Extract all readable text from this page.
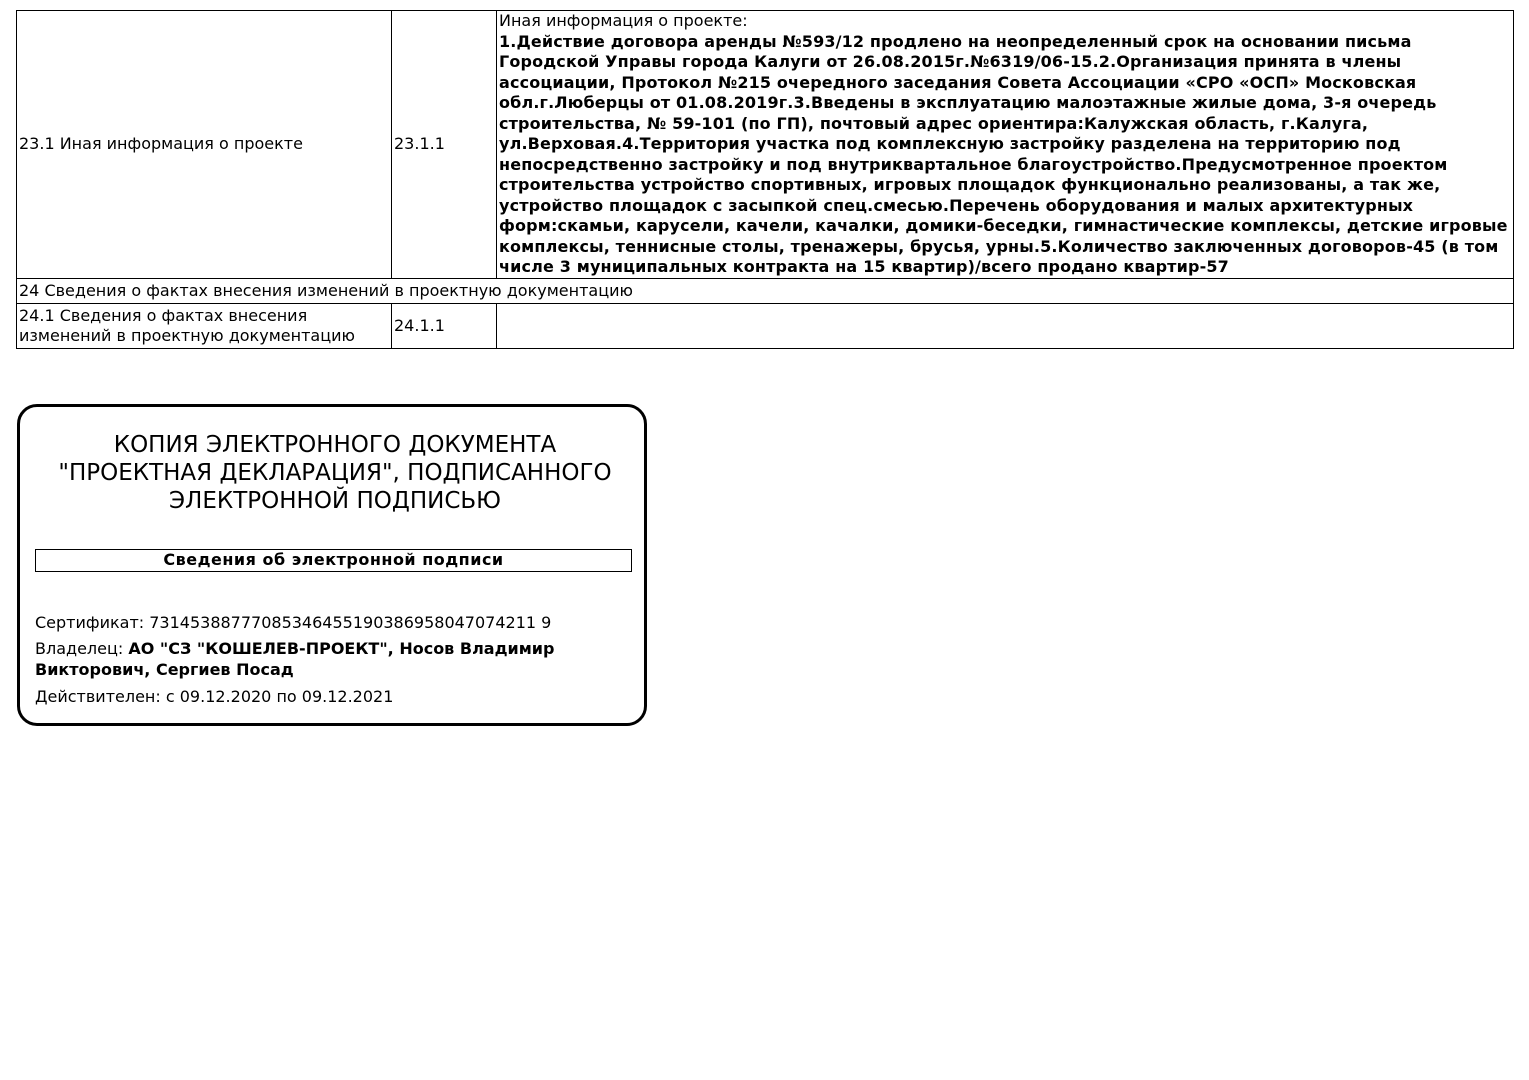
23.1 Иная информация о проекте	23.1.1	Иная информация о проекте:
1.Действие договора аренды №593/12 продлено на неопределенный срок на основании письма Городской Управы города Калуги от 26.08.2015г.№6319/06-15.2.Организация принята в члены ассоциации, Протокол №215 очередного заседания Совета Ассоциации «СРО «ОСП» Московская обл.г.Люберцы от 01.08.2019г.3.Введены в эксплуатацию малоэтажные жилые дома, 3-я очередь строительства, № 59-101 (по ГП), почтовый адрес ориентира:Калужская область, г.Калуга, ул.Верховая.4.Территория участка под комплексную застройку разделена на территорию под непосредственно застройку и под внутриквартальное благоустройство.Предусмотренное проектом строительства устройство спортивных, игровых площадок функционально реализованы, а так же, устройство площадок с засыпкой спец.смесью.Перечень оборудования и малых архитектурных форм:скамьи, карусели, качели, качалки, домики-беседки, гимнастические комплексы, детские игровые комплексы, теннисные столы, тренажеры, брусья, урны.5.Количество заключенных договоров-45 (в том числе 3 муниципальных контракта на 15 квартир)/всего продано квартир-57

24 Сведения о фактах внесения изменений в проектную документацию		
24.1 Сведения о фактах внесения изменений в проектную документацию	24.1.1	
КОПИЯ ЭЛЕКТРОННОГО ДОКУМЕНТА "ПРОЕКТНАЯ ДЕКЛАРАЦИЯ", ПОДПИСАННОГО ЭЛЕКТРОННОЙ ПОДПИСЬЮ
Сведения об электронной подписи
Сертификат: 73145388777085346455190386958047074211 9
Владелец: АО "СЗ "КОШЕЛЕВ-ПРОЕКТ", Носов Владимир Викторович, Сергиев Посад
Действителен: с 09.12.2020 по 09.12.2021
